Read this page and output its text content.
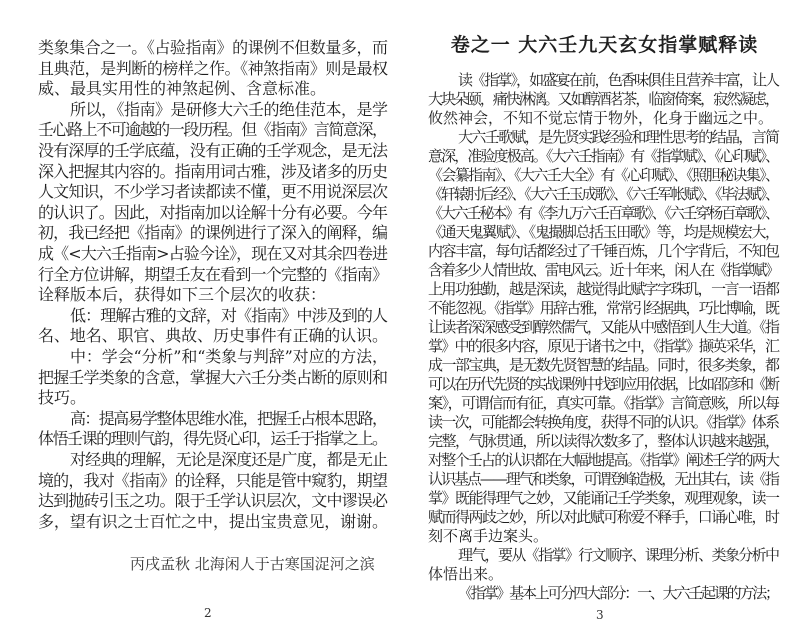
类象集合之一。《占验指南》的课例不但数量多，而
且典范，是判断的榜样之作。《神煞指南》则是最权
威、最具实用性的神煞起例、含意标准。
所以，《指南》是研修大六壬的绝佳范本，是学
壬心路上不可逾越的一段历程。但《指南》言简意深，
没有深厚的壬学底蕴，没有正确的壬学观念，是无法
深入把握其内容的。指南用词古雅，涉及诸多的历史
人文知识，不少学习者读都读不懂，更不用说深层次
的认识了。因此，对指南加以诠解十分有必要。今年
初，我已经把《指南》的课例进行了深入的阐释，编
成《<大六壬指南>占验今诠》，现在又对其余四卷进
行全方位讲解，期望壬友在看到一个完整的《指南》
诠释版本后，获得如下三个层次的收获：
低：理解古雅的文辞，对《指南》中涉及到的人
名、地名、职官、典故、历史事件有正确的认识。
中：学会“分析”和“类象与判辞”对应的方法，
把握壬学类象的含意，掌握大六壬分类占断的原则和
技巧。
高：提高易学整体思维水准，把握壬占根本思路，
体悟壬课的理则气韵，得先贤心印，运壬于指掌之上。
对经典的理解，无论是深度还是广度，都是无止
境的，我对《指南》的诠释，只能是管中窥豹，期望
达到抛砖引玉之功。限于壬学认识层次，文中谬误必
多，望有识之士百忙之中，提出宝贵意见，谢谢。
丙戌孟秋 北海闲人于古寒国浞河之滨
2
卷之一 大六壬九天玄女指掌赋释读
读《指掌》，如盛宴在前，色香味俱佳且营养丰富，让人
大块朵颐，痛快淋漓。又如醇酒茗茶，临窗倚案，寂然凝虑，
攸然神会，不知不觉忘情于物外，化身于幽远之中。
大六壬歌赋，是先贤实践经验和理性思考的结晶，言简
意深，准验度极高。《大六壬指南》有《指掌赋》、《心印赋》、
《会纂指南》、《大六壬大全》有《心印赋》、《照胆秘诀集》、
《轩辕肘后经》、《大六壬玉成歌》、《六壬军帐赋》、《毕法赋》、
《大六壬秘本》有《李九万六壬百章歌》、《六壬穿杨百章歌》、
《通天鬼翼赋》、《鬼撮脚总括玉田歌》等，均是规模宏大，
内容丰富，每句话都经过了千锤百炼，几个字背后，不知包
含着多少人情世故、雷电风云。近十年来，闲人在《指掌赋》
上用功独勤，越是深读，越觉得此赋字字珠玑，一言一语都
不能忽视。《指掌》用辞古雅，常常引经据典，巧比博喻，既
让读者深深感受到醇然儒气，又能从中感悟到人生大道。《指
掌》中的很多内容，原见于诸书之中，《指掌》撷英采华，汇
成一部宝典，是无数先贤智慧的结晶。同时，很多类象，都
可以在历代先贤的实战课例中找到应用依据，比如邵彦和《断
案》，可谓信而有征，真实可靠。《指掌》言简意赅，所以每
读一次，可能都会转换角度，获得不同的认识。《指掌》体系
完整，气脉贯通，所以读得次数多了，整体认识越来越强，
对整个壬占的认识都在大幅地提高。《指掌》阐述壬学的两大
认识基点——理气和类象，可谓登峰造极，无出其右，读《指
掌》既能得理气之妙，又能诵记壬学类象，观理观象，读一
赋而得两歧之妙，所以对此赋可称爱不释手，口诵心唯，时
刻不离手边案头。
理气，要从《指掌》行文顺序、课理分析、类象分析中
体悟出来。
《指掌》基本上可分四大部分：一、大六壬起课的方法；
3
